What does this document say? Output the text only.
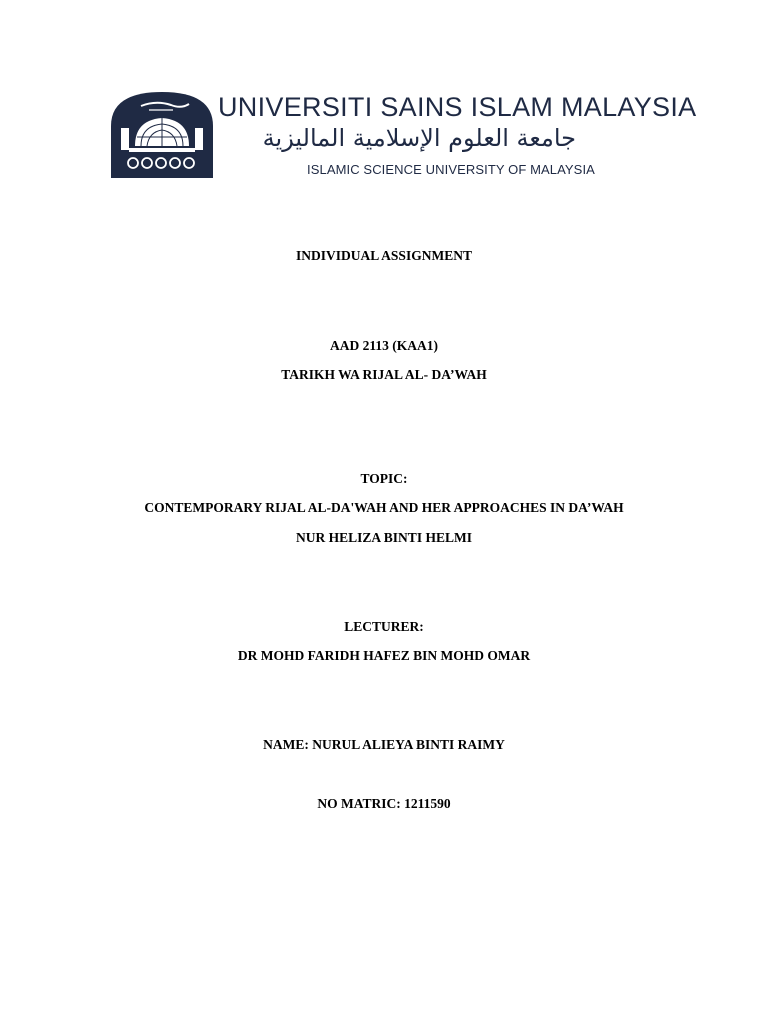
UNIVERSITI SAINS ISLAM MALAYSIA
جامعة العلوم الإسلامية الماليزية
ISLAMIC SCIENCE UNIVERSITY OF MALAYSIA
INDIVIDUAL ASSIGNMENT
AAD 2113 (KAA1)
TARIKH WA RIJAL AL- DA’WAH
TOPIC:
CONTEMPORARY RIJAL AL-DA'WAH AND HER APPROACHES IN DA’WAH
NUR HELIZA BINTI HELMI
LECTURER:
DR MOHD FARIDH HAFEZ BIN MOHD OMAR
NAME: NURUL ALIEYA BINTI RAIMY
NO MATRIC: 1211590
